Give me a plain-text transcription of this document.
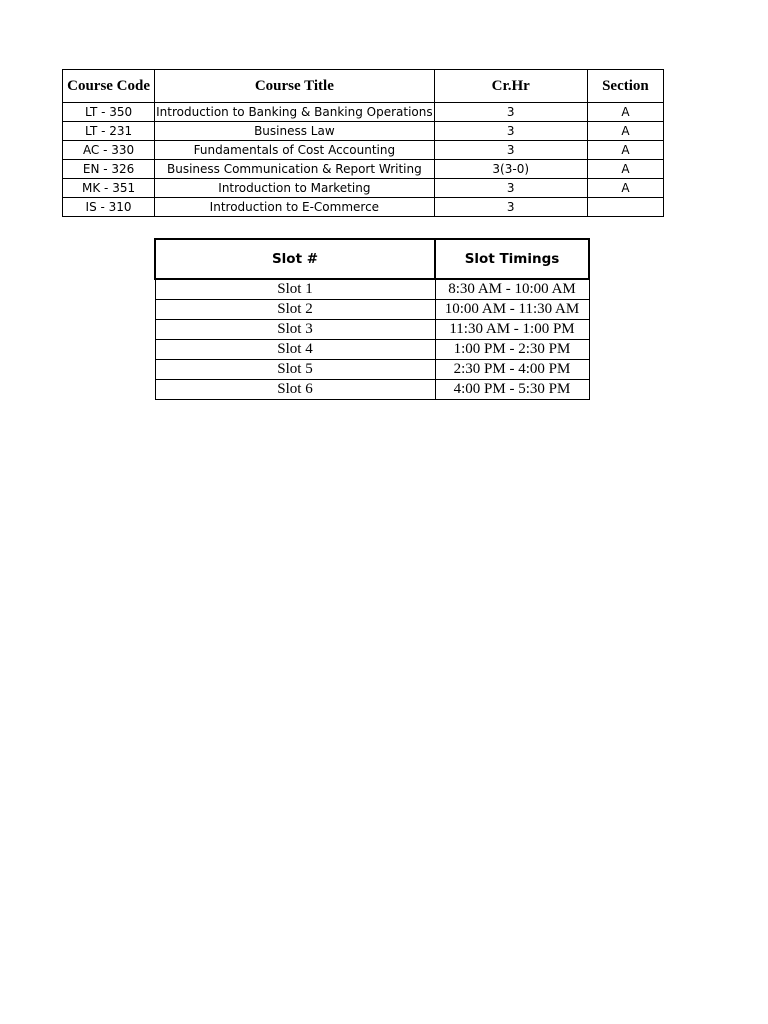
Course Code	Course Title	Cr.Hr	Section
LT - 350	Introduction to Banking & Banking Operations	3	A
LT - 231	Business Law	3	A
AC - 330	Fundamentals of Cost Accounting	3	A
EN - 326	Business Communication & Report Writing	3(3-0)	A
MK - 351	Introduction to Marketing	3	A
IS - 310	Introduction to E-Commerce	3	
Slot #	Slot Timings
Slot 1	8:30 AM - 10:00 AM
Slot 2	10:00 AM - 11:30 AM
Slot 3	11:30 AM - 1:00 PM
Slot 4	1:00 PM - 2:30 PM
Slot 5	2:30 PM - 4:00 PM
Slot 6	4:00 PM - 5:30 PM
